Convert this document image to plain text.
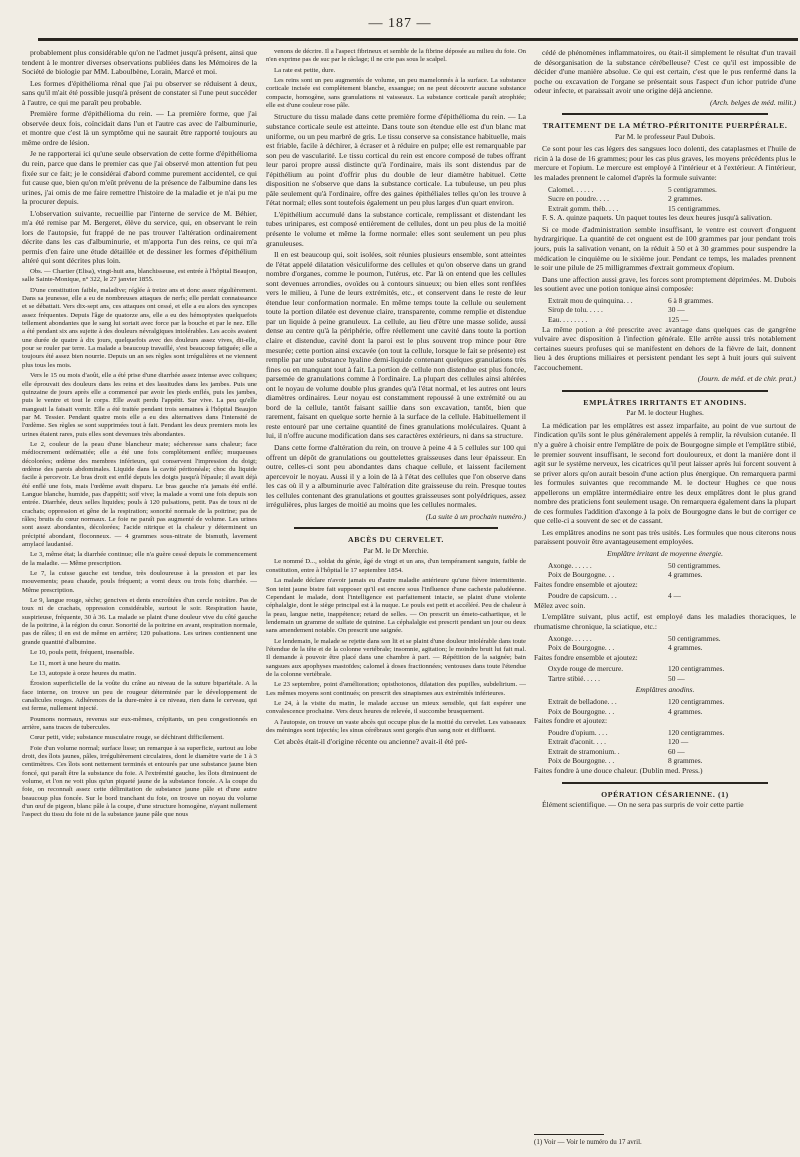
— 187 —

probablement plus considérable qu'on ne l'admet jusqu'à présent, ainsi que tendent à le montrer diverses observations publiées dans les Mémoires de la Société de biologie par MM. Laboulbène, Lorain, Marcé et moi.

Les formes d'épithélioma rénal que j'ai pu observer se réduisent à deux, sans qu'il m'ait été possible jusqu'à présent de constater si l'une peut succéder à l'autre, ce qui me paraît peu probable.

Première forme d'épithélioma du rein. — La première forme, que j'ai observée deux fois, coïncidait dans l'un et l'autre cas avec de l'albuminurie, et montre que c'est là un symptôme qui ne saurait être rapporté toujours au même ordre de lésion.

Je ne rapporterai ici qu'une seule observation de cette forme d'épithélioma du rein, parce que dans le premier cas que j'ai observé mon attention fut peu fixée sur ce fait; je le considérai d'abord comme purement accidentel, ce qui fut cause que, bien qu'on m'eût prévenu de la présence de l'albumine dans les urines, j'ai omis de me faire remettre l'histoire de la maladie et je n'ai pu me la procurer depuis.

L'observation suivante, recueillie par l'interne de service de M. Béhier, m'a été remise par M. Bergeret, élève du service, qui, en observant le rein lors de l'autopsie, fut frappé de ne pas trouver l'altération ordinairement décrite dans les cas d'albuminurie, et m'apporta l'un des reins, ce qui m'a permis d'en faire une étude détaillée et de dessiner les formes d'épithélium altéré qui sont décrites plus loin.

Obs. — Chartier (Elisa), vingt-huit ans, blanchisseuse, est entrée à l'hôpital Beaujon, salle Sainte-Monique, n° 322, le 27 janvier 1855.

D'une constitution faible, maladive; réglée à treize ans et donc assez régulièrement. Dans sa jeunesse, elle a eu de nombreuses attaques de nerfs; elle perdait connaissance et se débattait. Vers dix-sept ans, ces attaques ont cessé, et elle a eu alors des syncopes assez fréquentes. Depuis l'âge de quatorze ans, elle a eu des hémoptysies quelquefois tellement abondantes que le sang lui sortait avec force par la bouche et par le nez. Elle a été pendant six ans sujette à des douleurs névralgiques intolérables. Les accès avaient une durée de quatre à dix jours, quelquefois avec des douleurs assez vives, dit-elle, pour se rouler par terre. La malade a beaucoup travaillé, s'est beaucoup fatiguée; elle a toujours été assez bien nourrie. Depuis un an ses règles sont irrégulières et ne viennent plus tous les mois.

Vers le 15 ou mois d'août, elle a été prise d'une diarrhée assez intense avec coliques; elle éprouvait des douleurs dans les reins et des lassitudes dans les jambes. Puis une quinzaine de jours après elle a commencé par avoir les pieds enflés, puis les jambes, puis le ventre et tout le corps. Elle avait perdu l'appétit. Sur vive. La peu qu'elle mangeait la faisait vomir. Elle a été traitée pendant trois semaines à l'hôpital Beaujon par M. Tessier. Pendant quatre mois elle a eu des alternatives dans l'intensité de l'œdème. Ses règles se sont supprimées tout à fait. Pendant les deux premiers mois les urines étaient rares, puis elles sont devenues très abondantes.

Le 2, couleur de la peau d'une blancheur mate; sécheresse sans chaleur; face médiocrement œdématiée; elle a été une fois complètement enflée; muqueuses décolorées; œdème des membres inférieurs, qui conservent l'impression du doigt; œdème des parois abdominales. Liquide dans la cavité péritonéale; choc du liquide facile à percevoir. Le bras droit est enflé depuis les doigts jusqu'à l'épaule; il avait déjà été enflé une fois, mais l'œdème avait disparu. Le bras gauche n'a jamais été enflé. Langue blanche, humide, pas d'appétit; soif vive; la malade a vomi une fois depuis son entrée. Diarrhée, deux selles liquides; pouls à 120 pulsations, petit. Pas de toux ni de crachats; oppression et gêne de la respiration; sonorité normale de la poitrine; pas de râles; bruits du cœur normaux. Le foie ne paraît pas augmenté de volume. Les urines sont assez abondantes, décolorées; l'acide nitrique et la chaleur y déterminent un précipité abondant, floconneux. — 4 grammes sous-nitrate de bismuth, lavement amylacé laudanisé.

Le 3, même état; la diarrhée continue; elle n'a guère cessé depuis le commencement de la maladie. — Même prescription.

Le 7, la cuisse gauche est tendue, très douloureuse à la pression et par les mouvements; peau chaude, pouls fréquent; a vomi deux ou trois fois; diarrhée. — Même prescription.

Le 9, langue rouge, sèche; gencives et dents encroûtées d'un cercle noirâtre. Pas de toux ni de crachats, oppression considérable, surtout le soir. Respiration haute, suspirieuse, fréquente, 30 à 36. La malade se plaint d'une douleur vive du côté gauche de la poitrine, à la région du cœur. Sonorité de la poitrine en avant, respiration normale, pas de râles; il en est de même en arrière; 120 pulsations. Les urines contiennent une grande quantité d'albumine.

Le 10, pouls petit, fréquent, insensible.

Le 11, mort à une heure du matin.

Le 13, autopsie à onze heures du matin.

Érosion superficielle de la voûte du crâne au niveau de la suture bipariétale. A la face interne, on trouve un peu de rougeur déterminée par le développement de canalicules rouges. Adhérences de la dure-mère à ce niveau, rien dans le cerveau, qui est ferme, nullement injecté.

Poumons normaux, revenus sur eux-mêmes, crépitants, un peu congestionnés en arrière, sans traces de tubercules.

Cœur petit, vide; substance musculaire rouge, se déchirant difficilement.

Foie d'un volume normal; surface lisse; un remarque à sa superficie, surtout au lobe droit, des îlots jaunes, pâles, irrégulièrement circulaires, dont le diamètre varie de 1 à 3 centimètres. Ces îlots sont nettement terminés et entourés par une substance jaune bien foncé, qui paraît être la substance du foie. A l'extrémité gauche, les îlots diminuent de volume, et l'on ne voit plus qu'un piqueté jaune de la substance foncée. A la coupe du foie, on reconnaît assez cette délimitation de substance jaune pâle et d'une autre beaucoup plus foncée. Sur le bord tranchant du foie, on trouve un noyau du volume d'un œuf de pigeon, blanc pâle à la coupe, d'une structure homogène, n'ayant nullement l'aspect du tissu du foie ni de la substance jaune pâle que nous

venons de décrire. Il a l'aspect fibrineux et semble de la fibrine déposée au milieu du foie. On n'en exprime pas de suc par le râclage; il ne crie pas sous le scalpel.

La rate est petite, dure.

Les reins sont un peu augmentés de volume, un peu mamelonnés à la surface. La substance corticale incisée est complètement blanche, exsangue; on ne peut découvrir aucune substance compacte, homogène, sans granulations ni vaisseaux. La substance corticale paraît atrophiée; elle est d'une couleur rose pâle.

Structure du tissu malade dans cette première forme d'épithélioma du rein. — La substance corticale seule est atteinte. Dans toute son étendue elle est d'un blanc mat uniforme, ou un peu marbré de gris. Le tissu conserve sa consistance habituelle, mais est friable, facile à déchirer, à écraser et à réduire en pulpe; elle est remarquable par son peu de vascularité. Le tissu cortical du rein est encore composé de tubes offrant leur paroi propre aussi distincte qu'à l'ordinaire, mais ils sont distendus par de l'épithélium au point d'offrir plus du double de leur diamètre habituel. Cette disposition ne s'observe que dans la substance corticale. La tubuleuse, un peu plus pâle seulement qu'à l'ordinaire, offre des gaines épithéliales telles qu'on les trouve à l'état normal; elles sont toutefois également un peu plus larges d'un quart environ.

L'épithélium accumulé dans la substance corticale, remplissant et distendant les tubes urinipares, est composé entièrement de cellules, dont un peu plus de la moitié présente le volume et même la forme normale: elles sont seulement un peu plus granuleuses.

Il en est beaucoup qui, soit isolées, soit réunies plusieurs ensemble, sont atteintes de l'état appelé dilatation vésiculiforme des cellules et qu'on observe dans un grand nombre d'organes, comme le poumon, l'utérus, etc. Par là on entend que les cellules sont devenues arrondies, ovoïdes ou à contours sinueux; ou bien elles sont renflées vers le milieu, à l'une de leurs extrémités, etc., et conservent dans le reste de leur étendue leur conformation normale. En même temps toute la cellule ou seulement toute la portion dilatée est devenue claire, transparente, comme remplie et distendue par un liquide à peine granuleux. La cellule, au lieu d'être une masse solide, aussi dense au centre qu'à la périphérie, offre réellement une cavité dans toute la portion claire et distendue, cavité dont la paroi est le plus souvent trop mince pour être mesurée; cette portion ainsi excavée (on tout la cellule, lorsque le fait se présente) est remplie par une substance hyaline demi-liquide contenant quelques granulations très fines ou en manquant tout à fait. La portion de cellule non distendue est plus foncée, parsemée de granulations comme à l'ordinaire. La plupart des cellules ainsi altérées ont le noyau de volume double plus grandes qu'à l'état normal, et les autres ont leurs diamètres ordinaires. Leur noyau est constamment repoussé à une extrémité ou au bord de la cellule, tantôt faisant saillie dans son excavation, tantôt, bien que rarement, faisant en quelque sorte hernie à la surface de la cellule. Habituellement il reste entouré par une certaine quantité de fines granulations moléculaires. Quant à lui, il n'offre aucune modification dans ses caractères extérieurs, ni dans sa structure.

Dans cette forme d'altération du rein, on trouve à peine 4 à 5 cellules sur 100 qui offrent un dépôt de granulations ou gouttelettes graisseuses dans leur épaisseur. En outre, celles-ci sont peu abondantes dans chaque cellule, et laissent facilement apercevoir le noyau. Aussi il y a loin de là à l'état des cellules que l'on observe dans les cas où il y a albuminurie avec l'altération dite graisseuse du rein. Presque toutes les cellules contenant des granulations et gouttes graisseuses sont polyédriques, assez irrégulières, plus larges de moitié au moins que les cellules normales.

(La suite à un prochain numéro.)
ABCÈS DU CERVELET.
Par M. le Dr Merchie.

Le nommé D..., soldat du génie, âgé de vingt et un ans, d'un tempérament sanguin, faible de constitution, entre à l'hôpital le 17 septembre 1854.

La malade déclare n'avoir jamais eu d'autre maladie antérieure qu'une fièvre intermittente. Son teint jaune bistre fait supposer qu'il est encore sous l'influence d'une cachexie paludéenne. Cependant le malade, dont l'intelligence est parfaitement intacte, se plaint d'une violente céphalalgie, dont le siège principal est à la nuque. Le pouls est petit et accéléré. Peu de chaleur à la peau, langue nette, inappétence; retard de selles. — On prescrit un émeto-cathartique, et le lendemain un gramme de sulfate de quinine. La céphalalgie est prescrit pendant un jour ou deux sans amendement notable. On prescrit une saignée.

Le lendemain, le malade se rejette dans son lit et se plaint d'une douleur intolérable dans toute l'étendue de la tête et de la colonne vertébrale; insomnie, agitation; le moindre bruit lui fait mal. Il demande à pouvoir être placé dans une chambre à part. — Répétition de la saignée; bain sangsues aux apophyses mastoïdes; calomel à doses fractionnées; ventouses dans toute l'étendue de la colonne vertébrale.

Le 23 septembre, point d'amélioration; opisthotonos, dilatation des pupilles, subdelirium. — Les mêmes moyens sont continués; on prescrit des sinapismes aux extrémités inférieures.

Le 24, à la visite du matin, le malade accuse un mieux sensible, qui fait espérer une convalescence prochaine. Vers deux heures de relevée, il succombe brusquement.

A l'autopsie, on trouve un vaste abcès qui occupe plus de la moitié du cervelet. Les vaisseaux des méninges sont injectés; les sinus cérébraux sont gorgés d'un sang noir et diffluent.

Cet abcès était-il d'origine récente ou ancienne? avait-il été pré-

cédé de phénomènes inflammatoires, ou était-il simplement le résultat d'un travail de désorganisation de la substance cérébelleuse? C'est ce qu'il est impossible de décider d'une manière absolue. Ce qui est certain, c'est que le pus renfermé dans la poche ou excavation de l'organe se présentait sous l'aspect d'un ichor putride d'une odeur infecte, et paraissait avoir une origine déjà ancienne.

(Arch. belges de méd. milit.)
TRAITEMENT DE LA MÉTRO-PÉRITONITE PUERPÉRALE.
Par M. le professeur Paul Dubois.

Ce sont pour les cas légers des sangsues loco dolenti, des cataplasmes et l'huile de ricin à la dose de 16 grammes; pour les cas plus graves, les moyens précédents plus le mercure et l'opium. Le mercure est employé à l'intérieur et à l'extérieur. A l'intérieur, les malades prennent le calomel d'après la formule suivante:

Calomel. . . . . .	5 centigrammes.
Sucre en poudre. . . .	2 grammes.
Extrait gomm. théb. . . .	15 centigrammes.

F. S. A. quinze paquets. Un paquet toutes les deux heures jusqu'à salivation.

Si ce mode d'administration semble insuffisant, le ventre est couvert d'onguent hydrargirique. La quantité de cet onguent est de 100 grammes par jour pendant trois jours, puis la salivation venant, on la réduit à 50 et à 30 grammes pour suspendre la médication le cinquième ou le sixième jour. Pendant ce temps, les malades prennent le soir une pilule de 25 milligrammes d'extrait gommeux d'opium.

Dans une affection aussi grave, les forces sont promptement déprimées. M. Dubois les soutient avec une potion tonique ainsi composée:

Extrait mou de quinquina. . .	6 à 8 grammes.
Sirop de tolu. . . . .	30 —
Eau. . . . . . . .	125 —

La même potion a été prescrite avec avantage dans quelques cas de gangrène vulvaire avec disposition à l'infection générale. Elle arrête aussi très notablement certaines sueurs profuses qui se manifestent en dehors de la fièvre de lait, donnent lieu à des éruptions miliaires et persistent pendant les sept à huit jours qui suivent l'accouchement.

(Journ. de méd. et de chir. prat.)
EMPLÂTRES IRRITANTS ET ANODINS.
Par M. le docteur Hughes.

La médication par les emplâtres est assez imparfaite, au point de vue surtout de l'indication qu'ils sont le plus généralement appelés à remplir, la révulsion cutanée. Il n'y a guère à choisir entre l'emplâtre de poix de Bourgogne simple et l'emplâtre stibié, le premier souvent insuffisant, le second fort douloureux, et dont la manière dont il agit sur le système nerveux, les cicatrices qu'il peut laisser après lui forcent souvent à se priver alors qu'on aurait besoin d'une action plus énergique. On remarquera parmi les formules suivantes que recommande M. le docteur Hughes ce que nous appellerons un emplâtre intermédiaire entre les deux emplâtres dont le plus grand nombre des praticiens font seulement usage. On remarquera également dans la plupart de ces formules l'addition d'axonge à la poix de Bourgogne dans le but de corriger ce que celle-ci a souvent de sec et de cassant.

Les emplâtres anodins ne sont pas très usités. Les formules que nous citerons nous paraissent pouvoir être avantageusement employées.

Emplâtre irritant de moyenne énergie.
Axonge. . . . . .	50 centigrammes.
Poix de Bourgogne. . .	4 grammes.

Faites fondre ensemble et ajoutez:

Poudre de capsicum. . .	4 —

Mêlez avec soin.

L'emplâtre suivant, plus actif, est employé dans les maladies thoraciques, le rhumatisme chronique, la sciatique, etc.:

Axonge. . . . . .	50 centigrammes.
Poix de Bourgogne. . .	4 grammes.

Faites fondre ensemble et ajoutez:

Oxyde rouge de mercure.	120 centigrammes.
Tartre stibié. . . . .	50 —
Emplâtres anodins.
Extrait de belladone. . .	120 centigrammes.
Poix de Bourgogne. . .	4 grammes.

Faites fondre et ajoutez:

Poudre d'opium. . . .	120 centigrammes.
Extrait d'aconit. . . .	120 —
Extrait de stramonium. .	60 —
Poix de Bourgogne. . .	8 grammes.

Faites fondre à une douce chaleur. (Dublin med. Press.)

OPÉRATION CÉSARIENNE. (1)

Élément scientifique. — On ne sera pas surpris de voir cette partie

(1) Voir — Voir le numéro du 17 avril.
